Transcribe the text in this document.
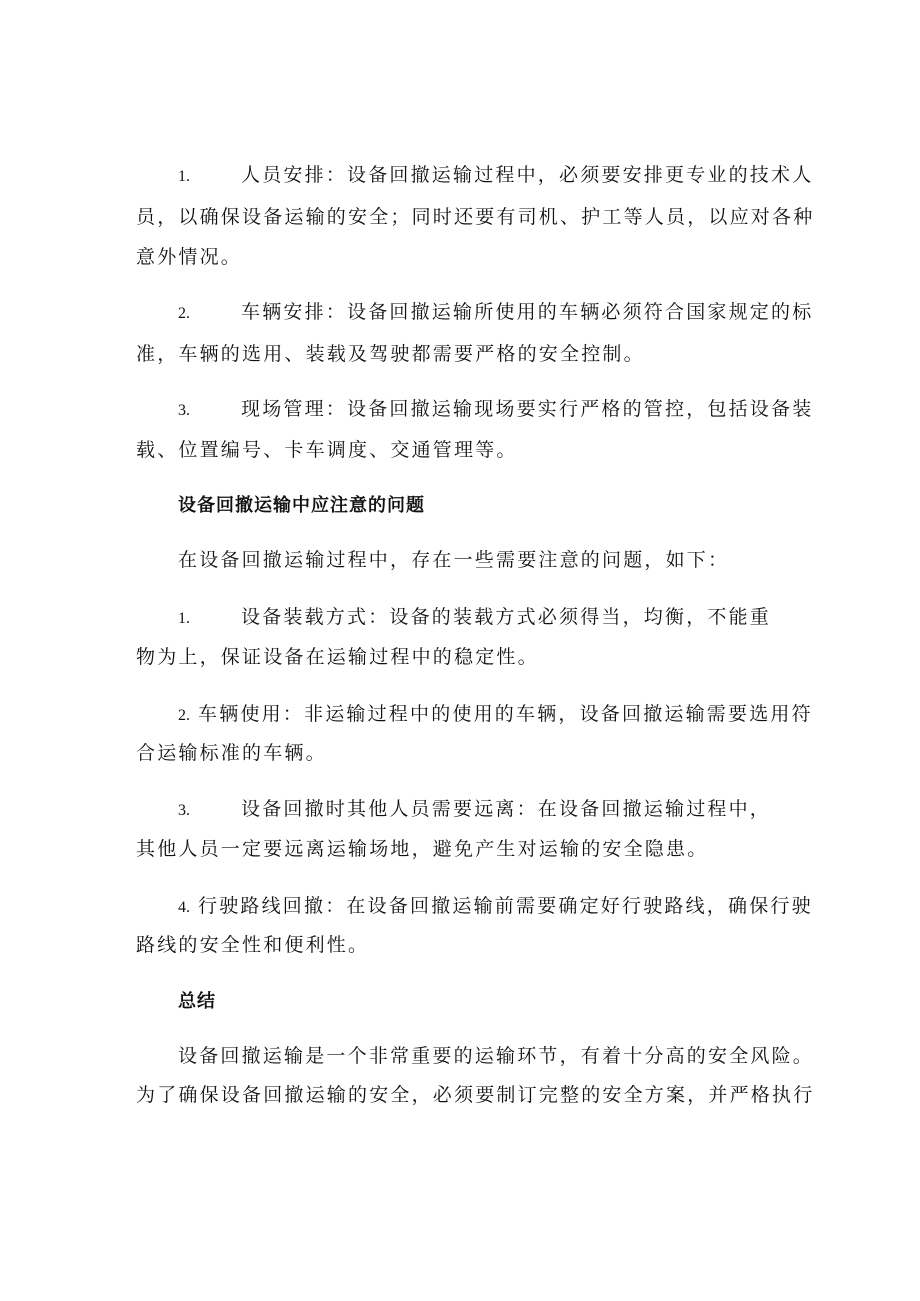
1.	人员安排：设备回撤运输过程中，必须要安排更专业的技术人
员，以确保设备运输的安全；同时还要有司机、护工等人员，以应对各种
意外情况。
2.	车辆安排：设备回撤运输所使用的车辆必须符合国家规定的标
准，车辆的选用、装载及驾驶都需要严格的安全控制。
3.	现场管理：设备回撤运输现场要实行严格的管控，包括设备装
载、位置编号、卡车调度、交通管理等。
设备回撤运输中应注意的问题
在设备回撤运输过程中，存在一些需要注意的问题，如下：
1.	设备装载方式：设备的装载方式必须得当，均衡，不能重
物为上，保证设备在运输过程中的稳定性。
2. 车辆使用：非运输过程中的使用的车辆，设备回撤运输需要选用符
合运输标准的车辆。
3.	设备回撤时其他人员需要远离：在设备回撤运输过程中，
其他人员一定要远离运输场地，避免产生对运输的安全隐患。
4. 行驶路线回撤：在设备回撤运输前需要确定好行驶路线，确保行驶
路线的安全性和便利性。
总结
设备回撤运输是一个非常重要的运输环节，有着十分高的安全风险。
为了确保设备回撤运输的安全，必须要制订完整的安全方案，并严格执行
